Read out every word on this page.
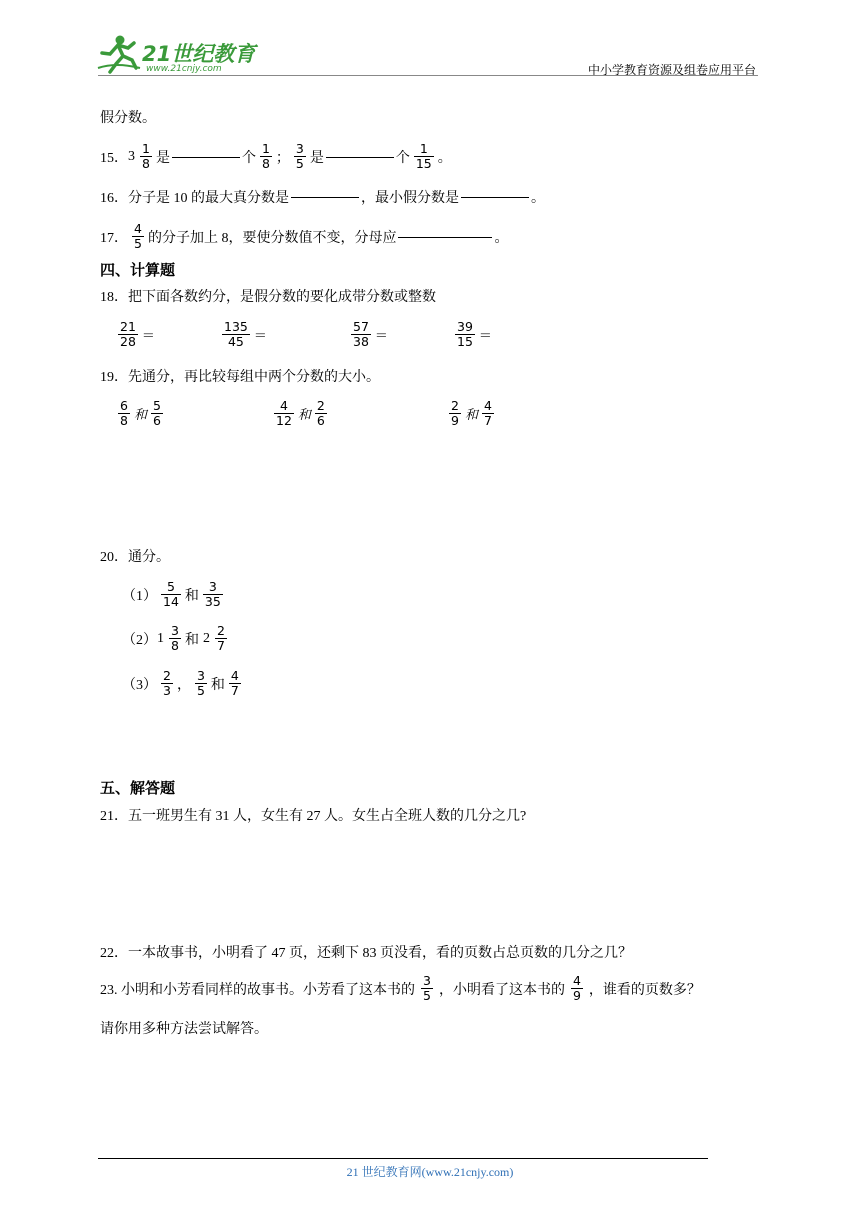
21世纪教育
www.21cnjy.com	中小学教育资源及组卷应用平台
假分数。
15． $3 \frac{1}{8}$ 是	个 $\frac{1}{8}$ ； $\frac{3}{5}$ 是	个 $\frac{1}{15}$ 。
16． 分子是 10 的最大真分数是	，最小假分数是	。
17． $\frac{4}{5}$ 的分子加上 8，要使分数值不变，分母应	。
四、计算题
18．把下面各数约分，是假分数的要化成带分数或整数
$\frac{21}{28}$ ＝	$\frac{135}{45}$ ＝	$\frac{57}{38}$ ＝	$\frac{39}{15}$ ＝
19．先通分，再比较每组中两个分数的大小。
$\frac{6}{8}$ 和 $\frac{5}{6}$	$\frac{4}{12}$ 和 $\frac{2}{6}$	$\frac{2}{9}$ 和 $\frac{4}{7}$
20．通分。
$(1) \frac{5}{14}$ 和 $\frac{3}{35}$
（2） $1 \frac{3}{8}$ 和 $2 \frac{2}{7}$
$(3) \frac{2}{3}$ ， $\frac{3}{5}$ 和 $\frac{4}{7}$
五、解答题
21．五一班男生有 31 人，女生有 27 人。女生占全班人数的几分之几?
22．一本故事书，小明看了 47 页，还剩下 83 页没看，看的页数占总页数的几分之几？
23. 小明和小芳看同样的故事书。小芳看了这本书的 $\frac{3}{5}$ ，小明看了这本书的 $\frac{4}{9}$ ，谁看的页数多？
请你用多种方法尝试解答。
21 世纪教育网(www.21cnjy.com)
